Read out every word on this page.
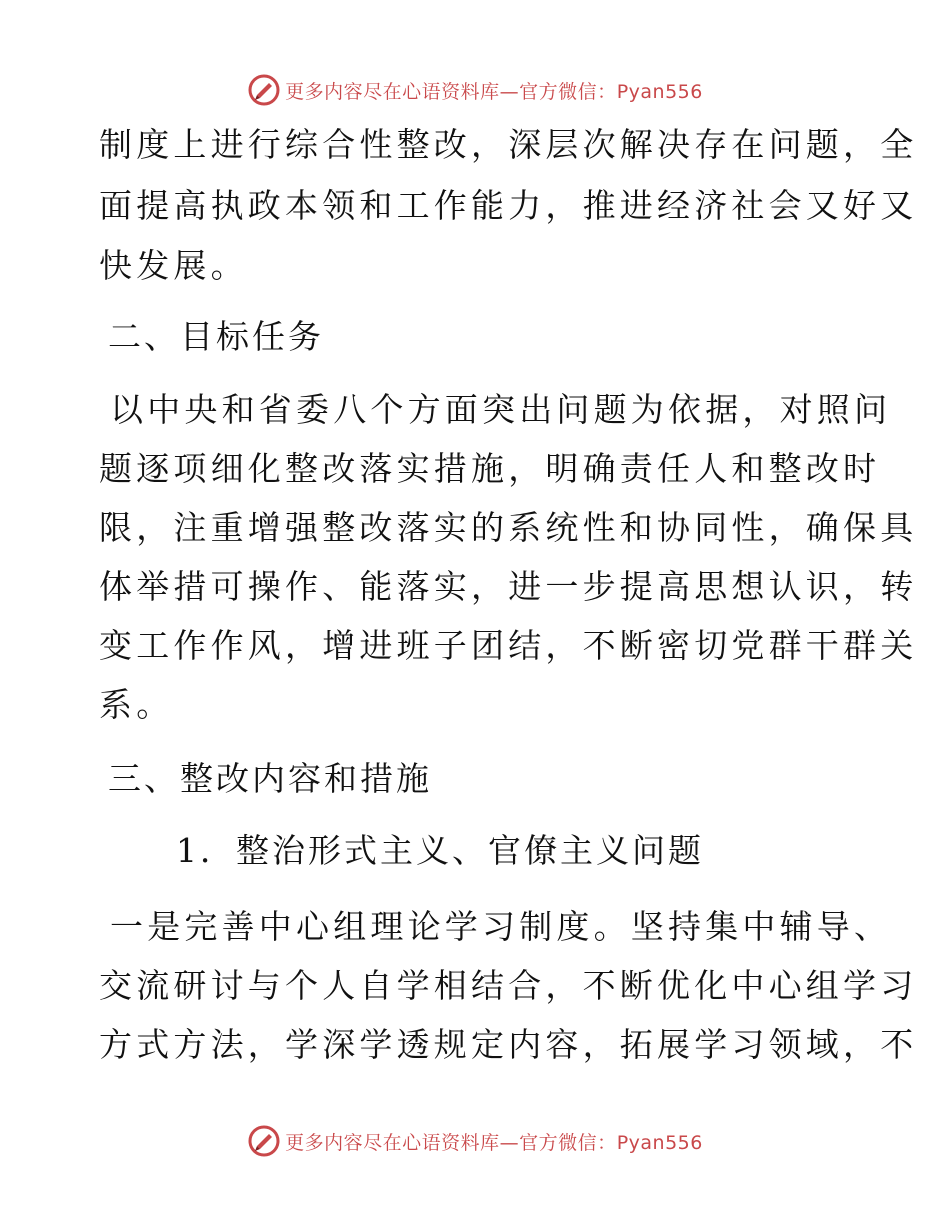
更多内容尽在心语资料库—官方微信：Pyan556
制度上进行综合性整改，深层次解决存在问题，全
面提高执政本领和工作能力，推进经济社会又好又
快发展。
二、目标任务
以中央和省委八个方面突出问题为依据，对照问
题逐项细化整改落实措施，明确责任人和整改时
限，注重增强整改落实的系统性和协同性，确保具
体举措可操作、能落实，进一步提高思想认识，转
变工作作风，增进班子团结，不断密切党群干群关
系。
三、整改内容和措施
1．整治形式主义、官僚主义问题
一是完善中心组理论学习制度。坚持集中辅导、
交流研讨与个人自学相结合，不断优化中心组学习
方式方法，学深学透规定内容，拓展学习领域，不
更多内容尽在心语资料库—官方微信：Pyan556
